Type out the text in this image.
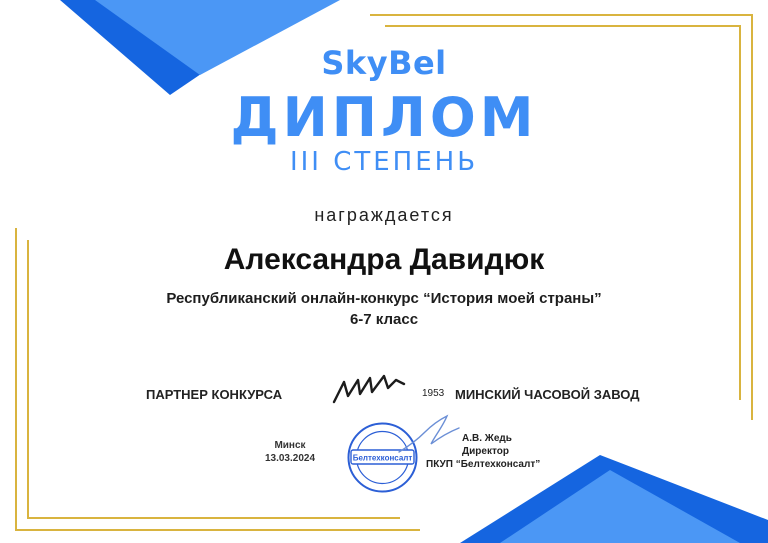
SkyBel
ДИПЛОМ
III СТЕПЕНЬ
награждается
Александра Давидюк
Республиканский онлайн-конкурс “История моей страны”
6-7 класс
ПАРТНЕР КОНКУРСА	1953 МИНСКИЙ ЧАСОВОЙ ЗАВОД
Минск
13.03.2024	Белтехконсалт
А.В. Жедь
Директор
ПКУП “Белтехконсалт”
